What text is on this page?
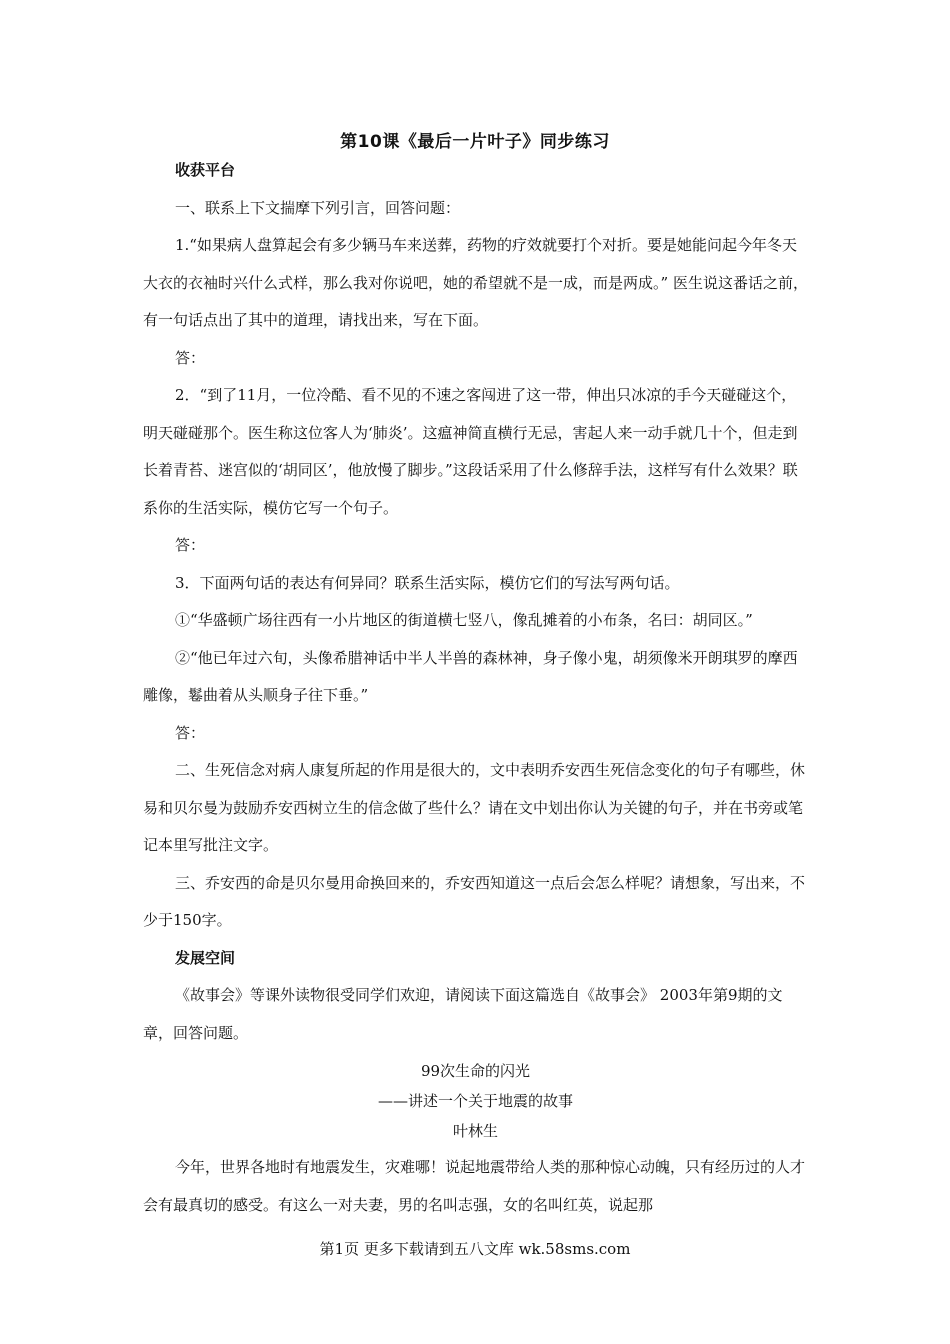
第10课《最后一片叶子》同步练习

收获平台

一、联系上下文揣摩下列引言，回答问题：

1.“如果病人盘算起会有多少辆马车来送葬，药物的疗效就要打个对折。要是她能问起今年冬天大衣的衣袖时兴什么式样，那么我对你说吧，她的希望就不是一成，而是两成。” 医生说这番话之前，有一句话点出了其中的道理，请找出来，写在下面。

答：

2．“到了11月，一位冷酷、看不见的不速之客闯进了这一带，伸出只冰凉的手今天碰碰这个，明天碰碰那个。医生称这位客人为‘肺炎’。这瘟神简直横行无忌，害起人来一动手就几十个，但走到长着青苔、迷宫似的‘胡同区’，他放慢了脚步。”这段话采用了什么修辞手法，这样写有什么效果？联系你的生活实际，模仿它写一个句子。

答：

3．下面两句话的表达有何异同？联系生活实际，模仿它们的写法写两句话。

①“华盛顿广场往西有一小片地区的街道横七竖八，像乱摊着的小布条，名曰：胡同区。”

②“他已年过六旬，头像希腊神话中半人半兽的森林神，身子像小鬼，胡须像米开朗琪罗的摩西雕像，鬈曲着从头顺身子往下垂。”

答：

二、生死信念对病人康复所起的作用是很大的，文中表明乔安西生死信念变化的句子有哪些，休易和贝尔曼为鼓励乔安西树立生的信念做了些什么？请在文中划出你认为关键的句子，并在书旁或笔记本里写批注文字。

三、乔安西的命是贝尔曼用命换回来的，乔安西知道这一点后会怎么样呢？请想象，写出来，不少于150字。

发展空间

《故事会》等课外读物很受同学们欢迎，请阅读下面这篇选自《故事会》 2003年第9期的文章，回答问题。

99次生命的闪光

——讲述一个关于地震的故事

叶林生

今年，世界各地时有地震发生，灾难哪！说起地震带给人类的那种惊心动魄，只有经历过的人才会有最真切的感受。有这么一对夫妻，男的名叫志强，女的名叫红英，说起那

第1页 更多下载请到五八文库 wk.58sms.com
